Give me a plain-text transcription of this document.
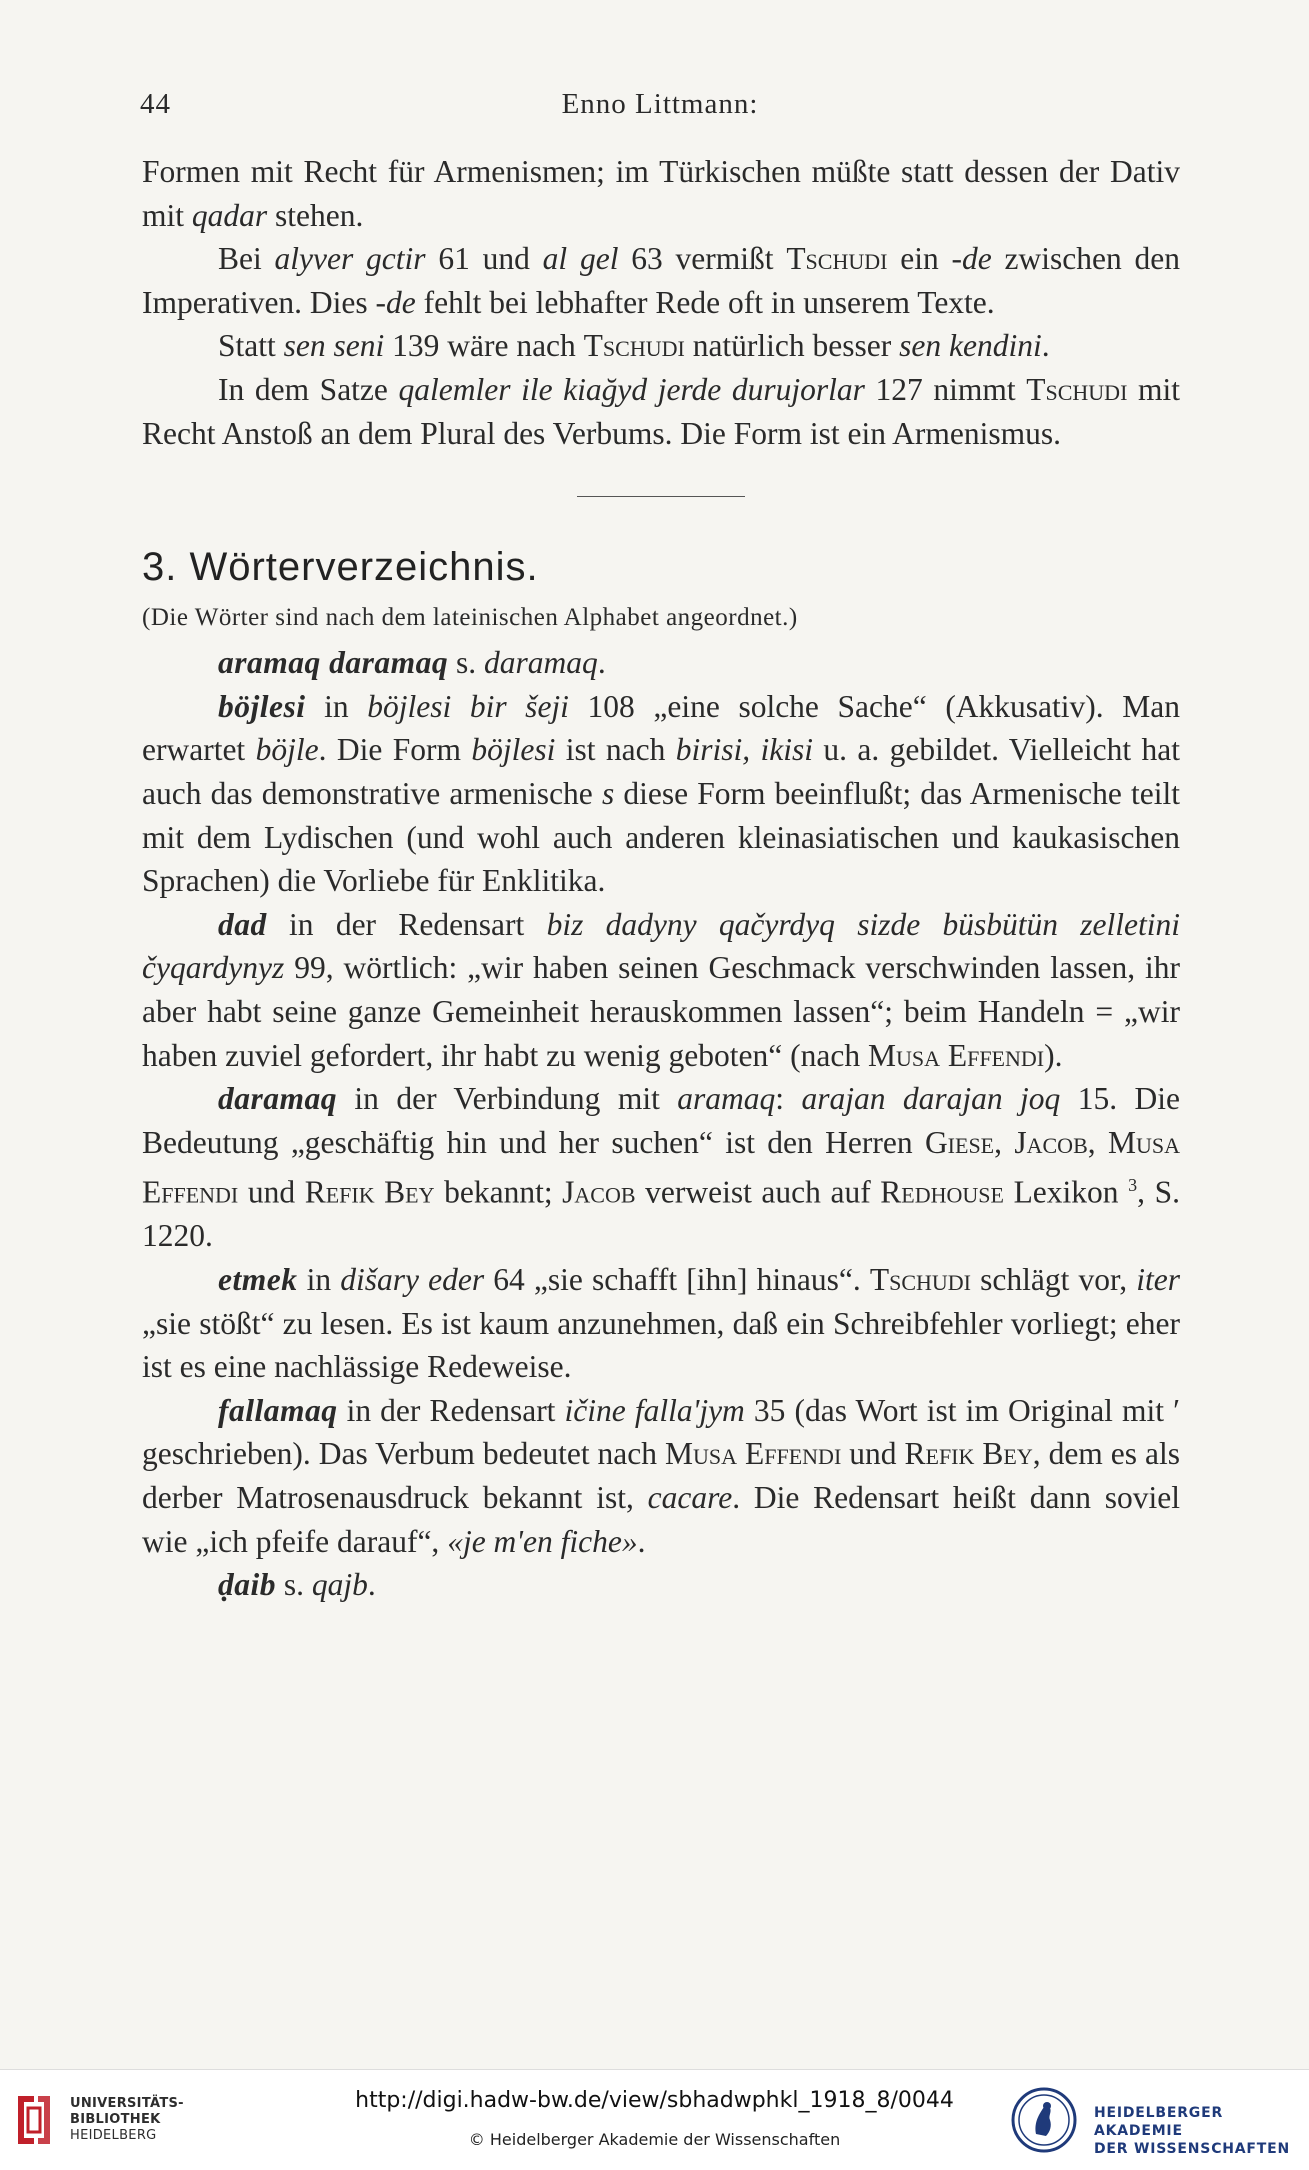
44	Enno Littmann:

Formen mit Recht für Armenismen; im Türkischen müßte statt dessen der Dativ mit qadar stehen.

Bei alyver gctir 61 und al gel 63 vermißt Tschudi ein -de zwischen den Imperativen. Dies -de fehlt bei lebhafter Rede oft in unserem Texte.

Statt sen seni 139 wäre nach Tschudi natürlich besser sen kendini.

In dem Satze qalemler ile kiağyd jerde durujorlar 127 nimmt Tschudi mit Recht Anstoß an dem Plural des Verbums. Die Form ist ein Armenismus.

3. Wörterverzeichnis.

(Die Wörter sind nach dem lateinischen Alphabet angeordnet.)

aramaq daramaq s. daramaq.

böjlesi in böjlesi bir šeji 108 „eine solche Sache“ (Akkusativ). Man erwartet böjle. Die Form böjlesi ist nach birisi, ikisi u. a. gebildet. Vielleicht hat auch das demonstrative armenische s diese Form beeinflußt; das Armenische teilt mit dem Lydischen (und wohl auch anderen kleinasiatischen und kaukasischen Sprachen) die Vorliebe für Enklitika.

dad in der Redensart biz dadyny qačyrdyq sizde büsbütün zelletini čyqardynyz 99, wörtlich: „wir haben seinen Geschmack verschwinden lassen, ihr aber habt seine ganze Gemeinheit herauskommen lassen“; beim Handeln = „wir haben zuviel gefordert, ihr habt zu wenig geboten“ (nach Musa Effendi).

daramaq in der Verbindung mit aramaq: arajan darajan joq 15. Die Bedeutung „geschäftig hin und her suchen“ ist den Herren Giese, Jacob, Musa Effendi und Refik Bey bekannt; Jacob verweist auch auf Redhouse Lexikon $^3$, S. 1220.

etmek in dišary eder 64 „sie schafft [ihn] hinaus“. Tschudi schlägt vor, iter „sie stößt“ zu lesen. Es ist kaum anzunehmen, daß ein Schreibfehler vorliegt; eher ist es eine nachlässige Redeweise.

fallamaq in der Redensart ičine falla'jym 35 (das Wort ist im Original mit ′ geschrieben). Das Verbum bedeutet nach Musa Effendi und Refik Bey, dem es als derber Matrosenausdruck bekannt ist, cacare. Die Redensart heißt dann soviel wie „ich pfeife darauf“, «je m'en fiche».

ḍaib s. qajb.

UNIVERSITÄTS-
BIBLIOTHEK
HEIDELBERG
http://digi.hadw-bw.de/view/sbhadwphkl_1918_8/0044
© Heidelberger Akademie der Wissenschaften
HEIDELBERGER AKADEMIE
DER WISSENSCHAFTEN
